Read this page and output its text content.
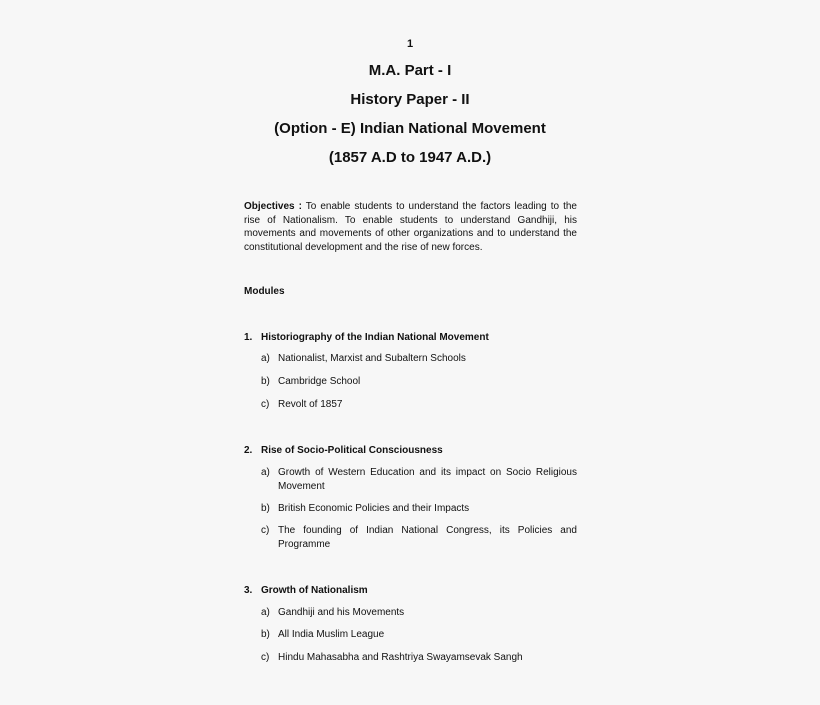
1
M.A. Part - I
History Paper - II
(Option - E) Indian National Movement
(1857 A.D to 1947 A.D.)
Objectives : To enable students to understand the factors leading to the rise of Nationalism. To enable students to understand Gandhiji, his movements and movements of other organizations and to understand the constitutional development and the rise of new forces.
Modules
1. Historiography of the Indian National Movement
a) Nationalist, Marxist and Subaltern Schools
b) Cambridge School
c) Revolt of 1857
2. Rise of Socio-Political Consciousness
a) Growth of Western Education and its impact on Socio Religious Movement
b) British Economic Policies and their Impacts
c) The founding of Indian National Congress, its Policies and Programme
3. Growth of Nationalism
a) Gandhiji and his Movements
b) All India Muslim League
c) Hindu Mahasabha and Rashtriya Swayamsevak Sangh
